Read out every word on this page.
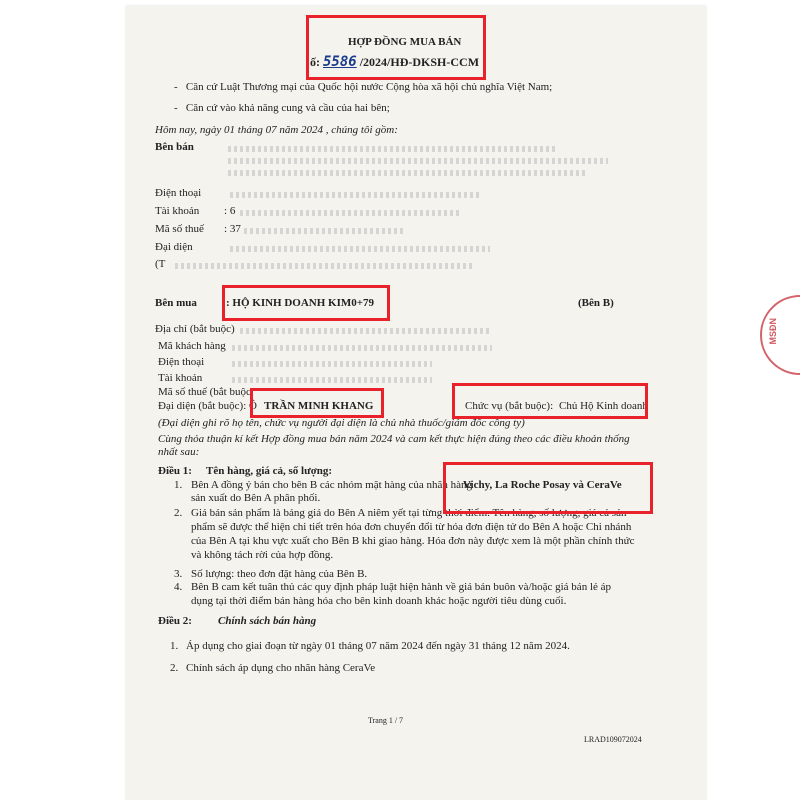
HỢP ĐỒNG MUA BÁN
ố: 5586 /2024/HĐ-DKSH-CCM
-   Căn cứ Luật Thương mại của Quốc hội nước Cộng hòa xã hội chủ nghĩa Việt Nam;
-   Căn cứ vào khả năng cung và cầu của hai bên;
Hôm nay, ngày 01 tháng 07 năm 2024 , chúng tôi gồm:
Bên bán
Điện thoại
Tài khoản : 6
Mã số thuế : 37
Đại diện
(T
Bên mua	: HỘ KINH DOANH KIM0+79	(Bên B)
Địa chỉ (bắt buộc)
Mã khách hàng
Điện thoại
Tài khoản
Mã số thuế (bắt buộc
Đại diện (bắt buộc): Ô TRẦN MINH KHANG	Chức vụ (bắt buộc): Chủ Hộ Kinh doanh
(Đại diện ghi rõ họ tên, chức vụ người đại diện là chủ nhà thuốc/giám đốc công ty)
Cùng thỏa thuận kí kết Hợp đồng mua bán năm 2024 và cam kết thực hiện đúng theo các điều khoản thống
nhất sau:
Điều 1: Tên hàng, giá cả, số lượng:
1. Bên A đồng ý bán cho bên B các nhóm mặt hàng của nhãn hàng
Vichy, La Roche Posay và CeraVe
sản xuất do Bên A phân phối.
2. Giá bán sản phẩm là bảng giá do Bên A niêm yết tại từng thời điểm. Tên hàng, số lượng, giá cả sản
phẩm sẽ được thể hiện chi tiết trên hóa đơn chuyển đổi từ hóa đơn điện tử do Bên A hoặc Chi nhánh
của Bên A tại khu vực xuất cho Bên B khi giao hàng. Hóa đơn này được xem là một phần chính thức
và không tách rời của hợp đồng.
3. Số lượng: theo đơn đặt hàng của Bên B.
4. Bên B cam kết tuân thủ các quy định pháp luật hiện hành về giá bán buôn và/hoặc giá bán lẻ áp
dụng tại thời điểm bán hàng hóa cho bên kinh doanh khác hoặc người tiêu dùng cuối.
Điều 2: Chính sách bán hàng
1. Áp dụng cho giai đoạn từ ngày 01 tháng 07 năm 2024 đến ngày 31 tháng 12 năm 2024.
2. Chính sách áp dụng cho nhãn hàng CeraVe
Trang 1 / 7
LRAD109072024
MSĐN
